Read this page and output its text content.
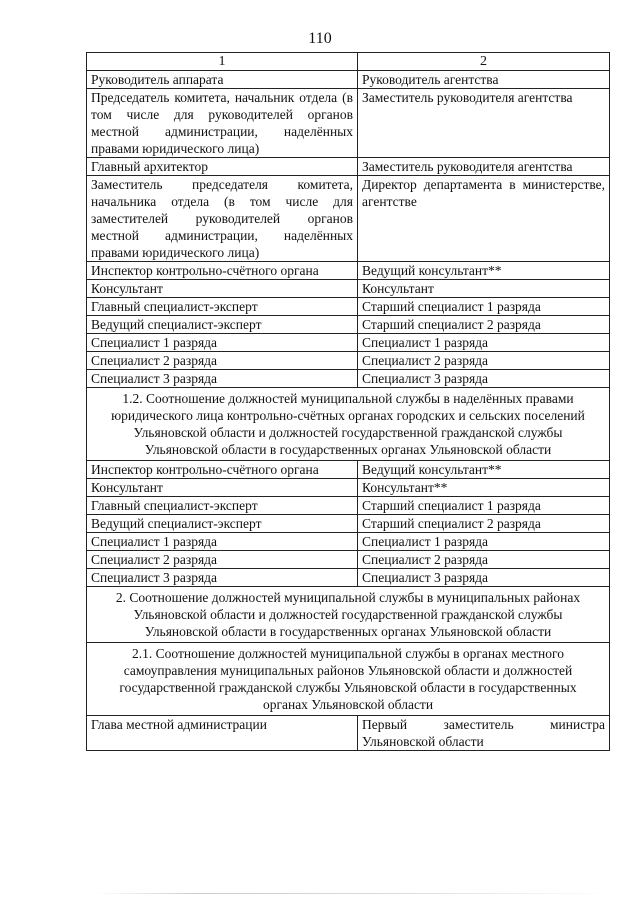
110
1	2
Руководитель аппарата	Руководитель агентства
Председатель комитета, начальник отдела (в том числе для руководителей органов местной администрации, наделённых правами юридического лица)	Заместитель руководителя агентства
Главный архитектор	Заместитель руководителя агентства
Заместитель председателя комитета, начальника отдела (в том числе для заместителей руководителей органов местной администрации, наделённых правами юридического лица)	Директор департамента в министерстве, агентстве
Инспектор контрольно-счётного органа	Ведущий консультант**
Консультант	Консультант
Главный специалист-эксперт	Старший специалист 1 разряда
Ведущий специалист-эксперт	Старший специалист 2 разряда
Специалист 1 разряда	Специалист 1 разряда
Специалист 2 разряда	Специалист 2 разряда
Специалист 3 разряда	Специалист 3 разряда
1.2. Соотношение должностей муниципальной службы в наделённых правами юридического лица контрольно-счётных органах городских и сельских поселений Ульяновской области и должностей государственной гражданской службы Ульяновской области в государственных органах Ульяновской области	
Инспектор контрольно-счётного органа	Ведущий консультант**
Консультант	Консультант**
Главный специалист-эксперт	Старший специалист 1 разряда
Ведущий специалист-эксперт	Старший специалист 2 разряда
Специалист 1 разряда	Специалист 1 разряда
Специалист 2 разряда	Специалист 2 разряда
Специалист 3 разряда	Специалист 3 разряда
2. Соотношение должностей муниципальной службы в муниципальных районах Ульяновской области и должностей государственной гражданской службы Ульяновской области в государственных органах Ульяновской области	
2.1. Соотношение должностей муниципальной службы в органах местного самоуправления муниципальных районов Ульяновской области и должностей государственной гражданской службы Ульяновской области в государственных органах Ульяновской области	
Глава местной администрации	Первый заместитель министра Ульяновской области
